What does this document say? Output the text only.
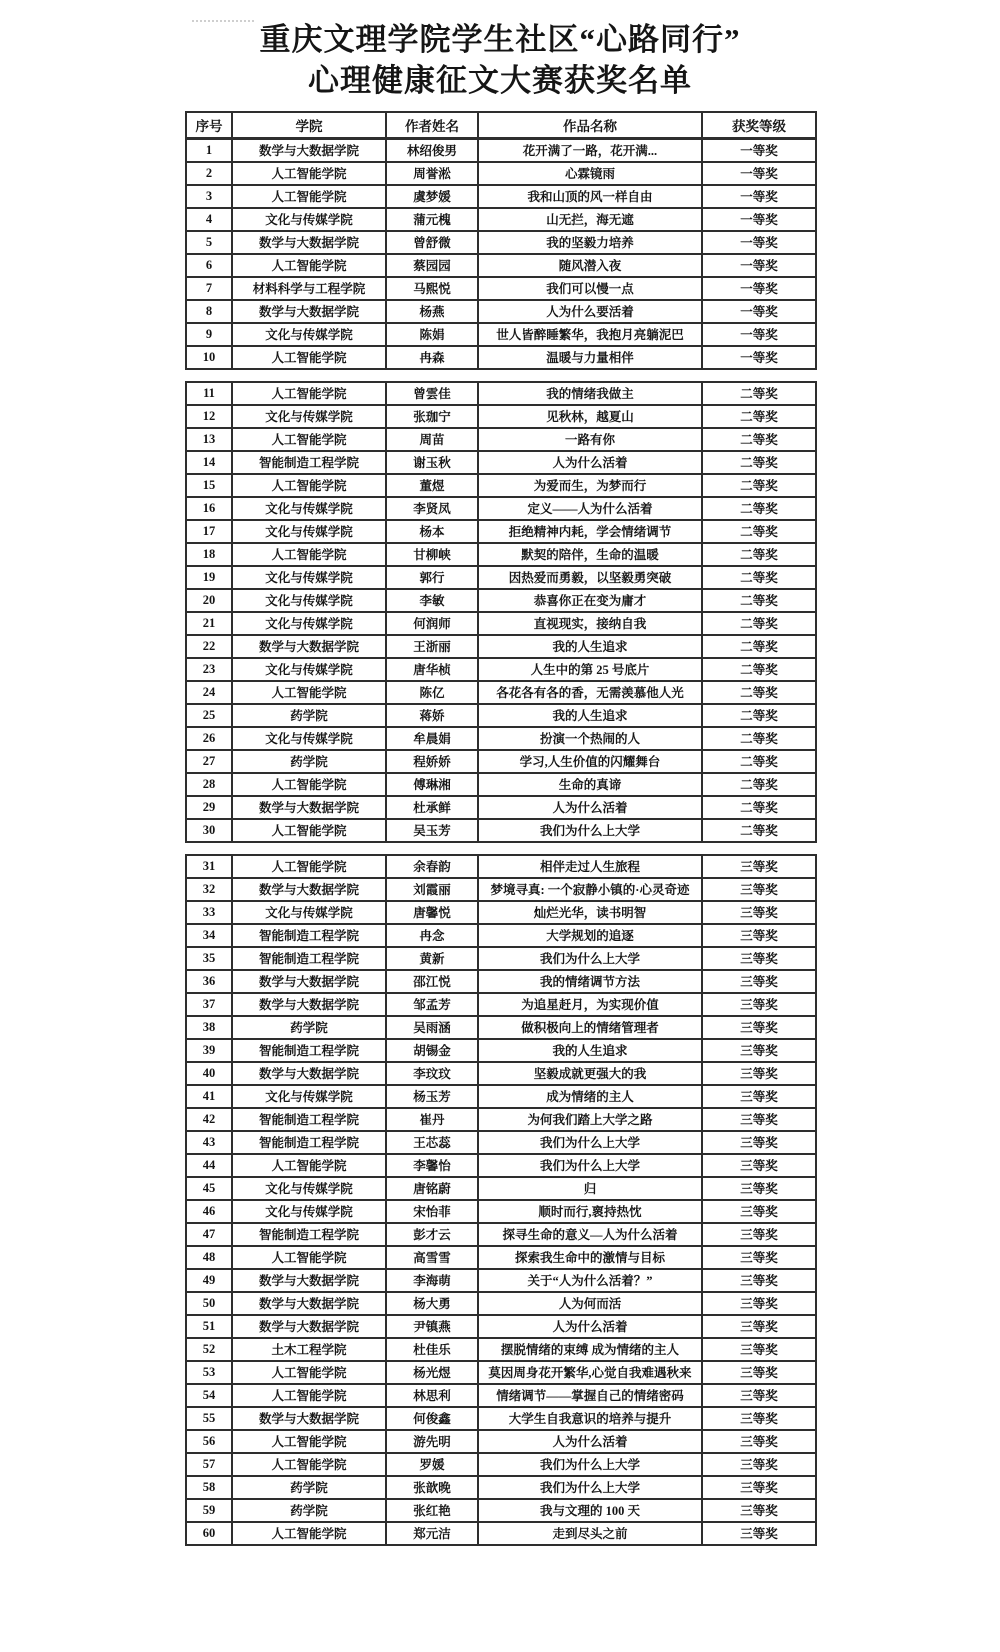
重庆文理学院学生社区“心路同行”
心理健康征文大赛获奖名单
序号	学院	作者姓名	作品名称	获奖等级
1	数学与大数据学院	林绍俊男	花开满了一路，花开满...	一等奖
2	人工智能学院	周誉淞	心霖镜雨	一等奖
3	人工智能学院	虞梦媛	我和山顶的风一样自由	一等奖
4	文化与传媒学院	蒲元槐	山无拦，海无遮	一等奖
5	数学与大数据学院	曾舒微	我的坚毅力培养	一等奖
6	人工智能学院	蔡园园	随风潜入夜	一等奖
7	材料科学与工程学院	马熙悦	我们可以慢一点	一等奖
8	数学与大数据学院	杨燕	人为什么要活着	一等奖
9	文化与传媒学院	陈娟	世人皆醉睡繁华，我抱月亮躺泥巴	一等奖
10	人工智能学院	冉森	温暖与力量相伴	一等奖
11	人工智能学院	曾雲佳	我的情绪我做主	二等奖
12	文化与传媒学院	张珈宁	见秋林，越夏山	二等奖
13	人工智能学院	周苗	一路有你	二等奖
14	智能制造工程学院	谢玉秋	人为什么活着	二等奖
15	人工智能学院	董煜	为爱而生，为梦而行	二等奖
16	文化与传媒学院	李贤凤	定义——人为什么活着	二等奖
17	文化与传媒学院	杨本	拒绝精神内耗，学会情绪调节	二等奖
18	人工智能学院	甘柳峡	默契的陪伴，生命的温暖	二等奖
19	文化与传媒学院	郭行	因热爱而勇毅，以坚毅勇突破	二等奖
20	文化与传媒学院	李敏	恭喜你正在变为庸才	二等奖
21	文化与传媒学院	何润师	直视现实，接纳自我	二等奖
22	数学与大数据学院	王浙丽	我的人生追求	二等奖
23	文化与传媒学院	唐华桢	人生中的第 25 号底片	二等奖
24	人工智能学院	陈亿	各花各有各的香，无需羡慕他人光	二等奖
25	药学院	蒋娇	我的人生追求	二等奖
26	文化与传媒学院	牟晨娟	扮演一个热闹的人	二等奖
27	药学院	程娇娇	学习,人生价值的闪耀舞台	二等奖
28	人工智能学院	傅琳湘	生命的真谛	二等奖
29	数学与大数据学院	杜承鲜	人为什么活着	二等奖
30	人工智能学院	吴玉芳	我们为什么上大学	二等奖
31	人工智能学院	余春韵	相伴走过人生旅程	三等奖
32	数学与大数据学院	刘霞丽	梦境寻真: 一个寂静小镇的·心灵奇迹	三等奖
33	文化与传媒学院	唐馨悦	灿烂光华，读书明智	三等奖
34	智能制造工程学院	冉念	大学规划的追逐	三等奖
35	智能制造工程学院	黄新	我们为什么上大学	三等奖
36	数学与大数据学院	邵江悦	我的情绪调节方法	三等奖
37	数学与大数据学院	邹孟芳	为追星赶月，为实现价值	三等奖
38	药学院	吴雨涵	做积极向上的情绪管理者	三等奖
39	智能制造工程学院	胡锡金	我的人生追求	三等奖
40	数学与大数据学院	李玟玟	坚毅成就更强大的我	三等奖
41	文化与传媒学院	杨玉芳	成为情绪的主人	三等奖
42	智能制造工程学院	崔丹	为何我们踏上大学之路	三等奖
43	智能制造工程学院	王芯蕊	我们为什么上大学	三等奖
44	人工智能学院	李馨怡	我们为什么上大学	三等奖
45	文化与传媒学院	唐铭蔚	归	三等奖
46	文化与传媒学院	宋怡菲	顺时而行,褱持热忱	三等奖
47	智能制造工程学院	彭才云	探寻生命的意义—人为什么活着	三等奖
48	人工智能学院	高雪雪	探索我生命中的激情与目标	三等奖
49	数学与大数据学院	李海萌	关于“人为什么活着？”	三等奖
50	数学与大数据学院	杨大勇	人为何而活	三等奖
51	数学与大数据学院	尹镇燕	人为什么活着	三等奖
52	土木工程学院	杜佳乐	摆脱情绪的束缚 成为情绪的主人	三等奖
53	人工智能学院	杨光煜	莫因周身花开繁华,心觉自我难遇秋来	三等奖
54	人工智能学院	林思利	情绪调节——掌握自己的情绪密码	三等奖
55	数学与大数据学院	何俊鑫	大学生自我意识的培养与提升	三等奖
56	人工智能学院	游先明	人为什么活着	三等奖
57	人工智能学院	罗媛	我们为什么上大学	三等奖
58	药学院	张歆晚	我们为什么上大学	三等奖
59	药学院	张红艳	我与文理的 100 天	三等奖
60	人工智能学院	郑元洁	走到尽头之前	三等奖
